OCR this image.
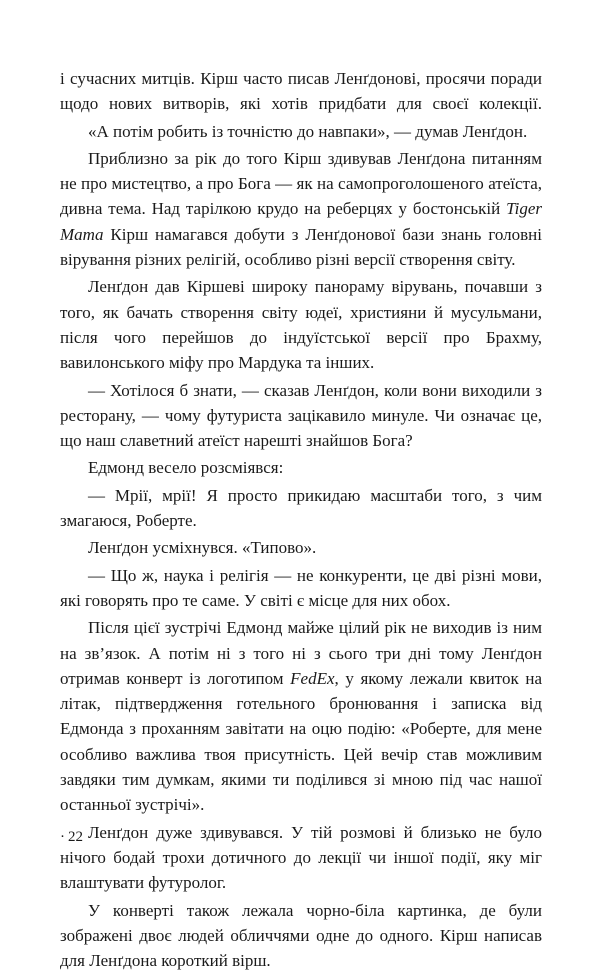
і сучасних митців. Кірш часто писав Ленґдонові, просячи поради щодо нових витворів, які хотів придбати для своєї колекції.

«А потім робить із точністю до навпаки», — думав Ленґдон.

Приблизно за рік до того Кірш здивував Ленґдона питанням не про мистецтво, а про Бога — як на самопроголошеного атеїста, дивна тема. Над тарілкою крудо на реберцях у бостонській Tiger Mama Кірш намагався добути з Ленґдонової бази знань головні вірування різних релігій, особливо різні версії створення світу.

Ленґдон дав Кіршеві широку панораму вірувань, почавши з того, як бачать створення світу юдеї, християни й мусульмани, після чого перейшов до індуїстської версії про Брахму, вавилонського міфу про Мардука та інших.

— Хотілося б знати, — сказав Ленґдон, коли вони виходили з ресторану, — чому футуриста зацікавило минуле. Чи означає це, що наш славетний атеїст нарешті знайшов Бога?

Едмонд весело розсміявся:

— Мрії, мрії! Я просто прикидаю масштаби того, з чим змагаюся, Роберте.

Ленґдон усміхнувся. «Типово».

— Що ж, наука і релігія — не конкуренти, це дві різні мови, які говорять про те саме. У світі є місце для них обох.

Після цієї зустрічі Едмонд майже цілий рік не виходив із ним на зв’язок. А потім ні з того ні з сього три дні тому Ленґдон отримав конверт із логотипом FedEx, у якому лежали квиток на літак, підтвердження готельного бронювання і записка від Едмонда з проханням завітати на оцю подію: «Роберте, для мене особливо важлива твоя присутність. Цей вечір став можливим завдяки тим думкам, якими ти поділився зі мною під час нашої останньої зустрічі».

Ленґдон дуже здивувався. У тій розмові й близько не було нічого бодай трохи дотичного до лекції чи іншої події, яку міг влаштувати футуролог.

У конверті також лежала чорно-біла картинка, де були зображені двоє людей обличчями одне до одного. Кірш написав для Ленґдона короткий вірш.

· 22
